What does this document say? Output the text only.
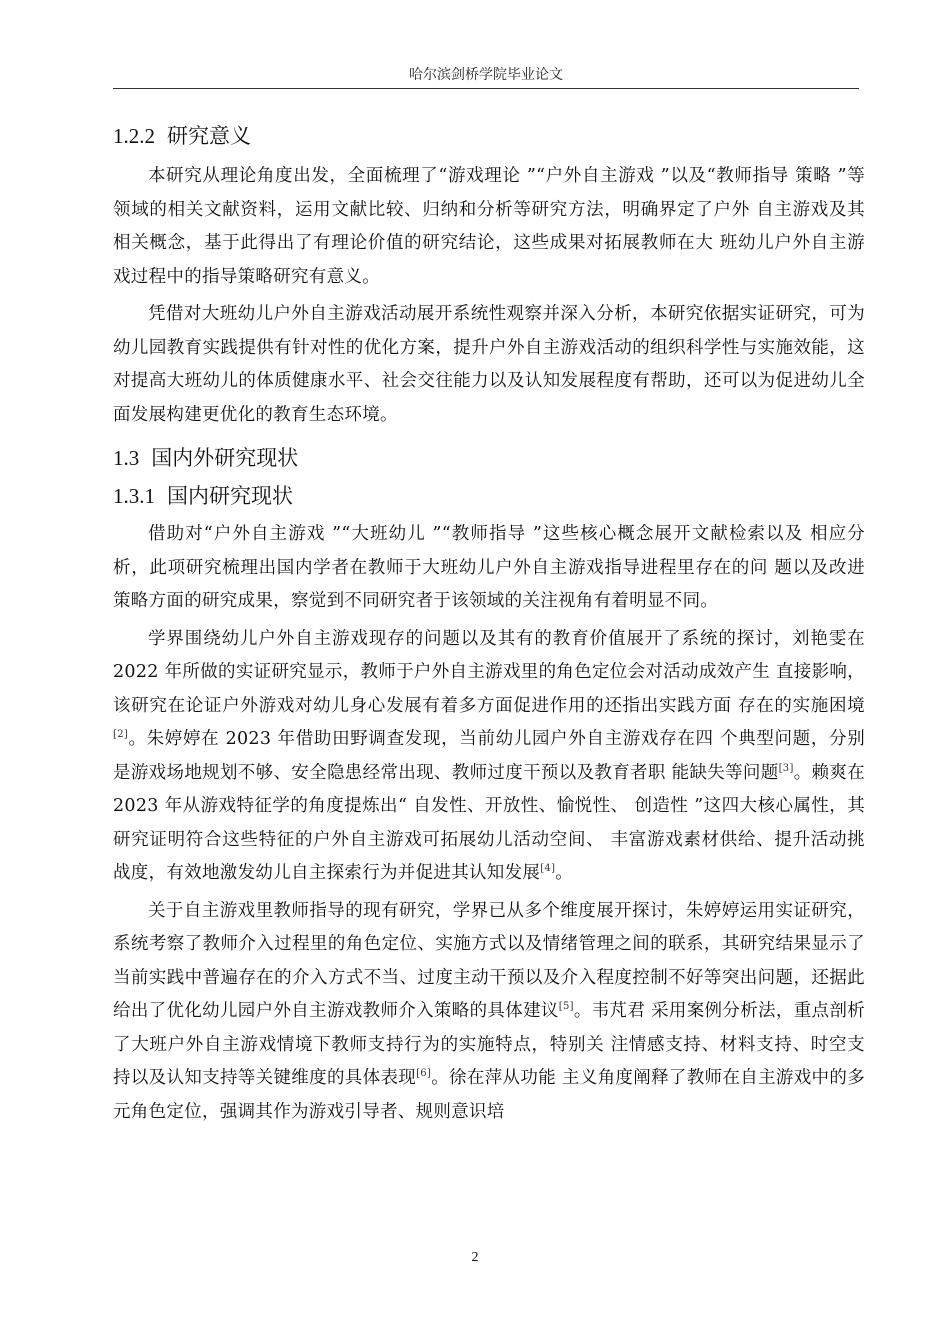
哈尔滨剑桥学院毕业论文
1.2.2 研究意义

本研究从理论角度出发，全面梳理了“游戏理论 ”“户外自主游戏 ”以及“教师指导 策略 ”等领域的相关文献资料，运用文献比较、归纳和分析等研究方法，明确界定了户外 自主游戏及其相关概念，基于此得出了有理论价值的研究结论，这些成果对拓展教师在大 班幼儿户外自主游戏过程中的指导策略研究有意义。

凭借对大班幼儿户外自主游戏活动展开系统性观察并深入分析，本研究依据实证研究，可为幼儿园教育实践提供有针对性的优化方案，提升户外自主游戏活动的组织科学性与实施效能，这对提高大班幼儿的体质健康水平、社会交往能力以及认知发展程度有帮助，还可以为促进幼儿全面发展构建更优化的教育生态环境。

1.3 国内外研究现状
1.3.1 国内研究现状

借助对“户外自主游戏 ”“大班幼儿 ”“教师指导 ”这些核心概念展开文献检索以及 相应分析，此项研究梳理出国内学者在教师于大班幼儿户外自主游戏指导进程里存在的问 题以及改进策略方面的研究成果，察觉到不同研究者于该领域的关注视角有着明显不同。

学界围绕幼儿户外自主游戏现存的问题以及其有的教育价值展开了系统的探讨，刘艳雯在 2022 年所做的实证研究显示，教师于户外自主游戏里的角色定位会对活动成效产生 直接影响，该研究在论证户外游戏对幼儿身心发展有着多方面促进作用的还指出实践方面 存在的实施困境[2]。朱婷婷在 2023 年借助田野调查发现，当前幼儿园户外自主游戏存在四 个典型问题，分别是游戏场地规划不够、安全隐患经常出现、教师过度干预以及教育者职 能缺失等问题[3]。赖爽在 2023 年从游戏特征学的角度提炼出“ 自发性、开放性、愉悦性、 创造性 ”这四大核心属性，其研究证明符合这些特征的户外自主游戏可拓展幼儿活动空间、 丰富游戏素材供给、提升活动挑战度，有效地激发幼儿自主探索行为并促进其认知发展[4]。

关于自主游戏里教师指导的现有研究，学界已从多个维度展开探讨，朱婷婷运用实证研究，系统考察了教师介入过程里的角色定位、实施方式以及情绪管理之间的联系，其研究结果显示了当前实践中普遍存在的介入方式不当、过度主动干预以及介入程度控制不好等突出问题，还据此给出了优化幼儿园户外自主游戏教师介入策略的具体建议[5]。韦芃君 采用案例分析法，重点剖析了大班户外自主游戏情境下教师支持行为的实施特点，特别关 注情感支持、材料支持、时空支持以及认知支持等关键维度的具体表现[6]。徐在萍从功能 主义角度阐释了教师在自主游戏中的多元角色定位，强调其作为游戏引导者、规则意识培

2
